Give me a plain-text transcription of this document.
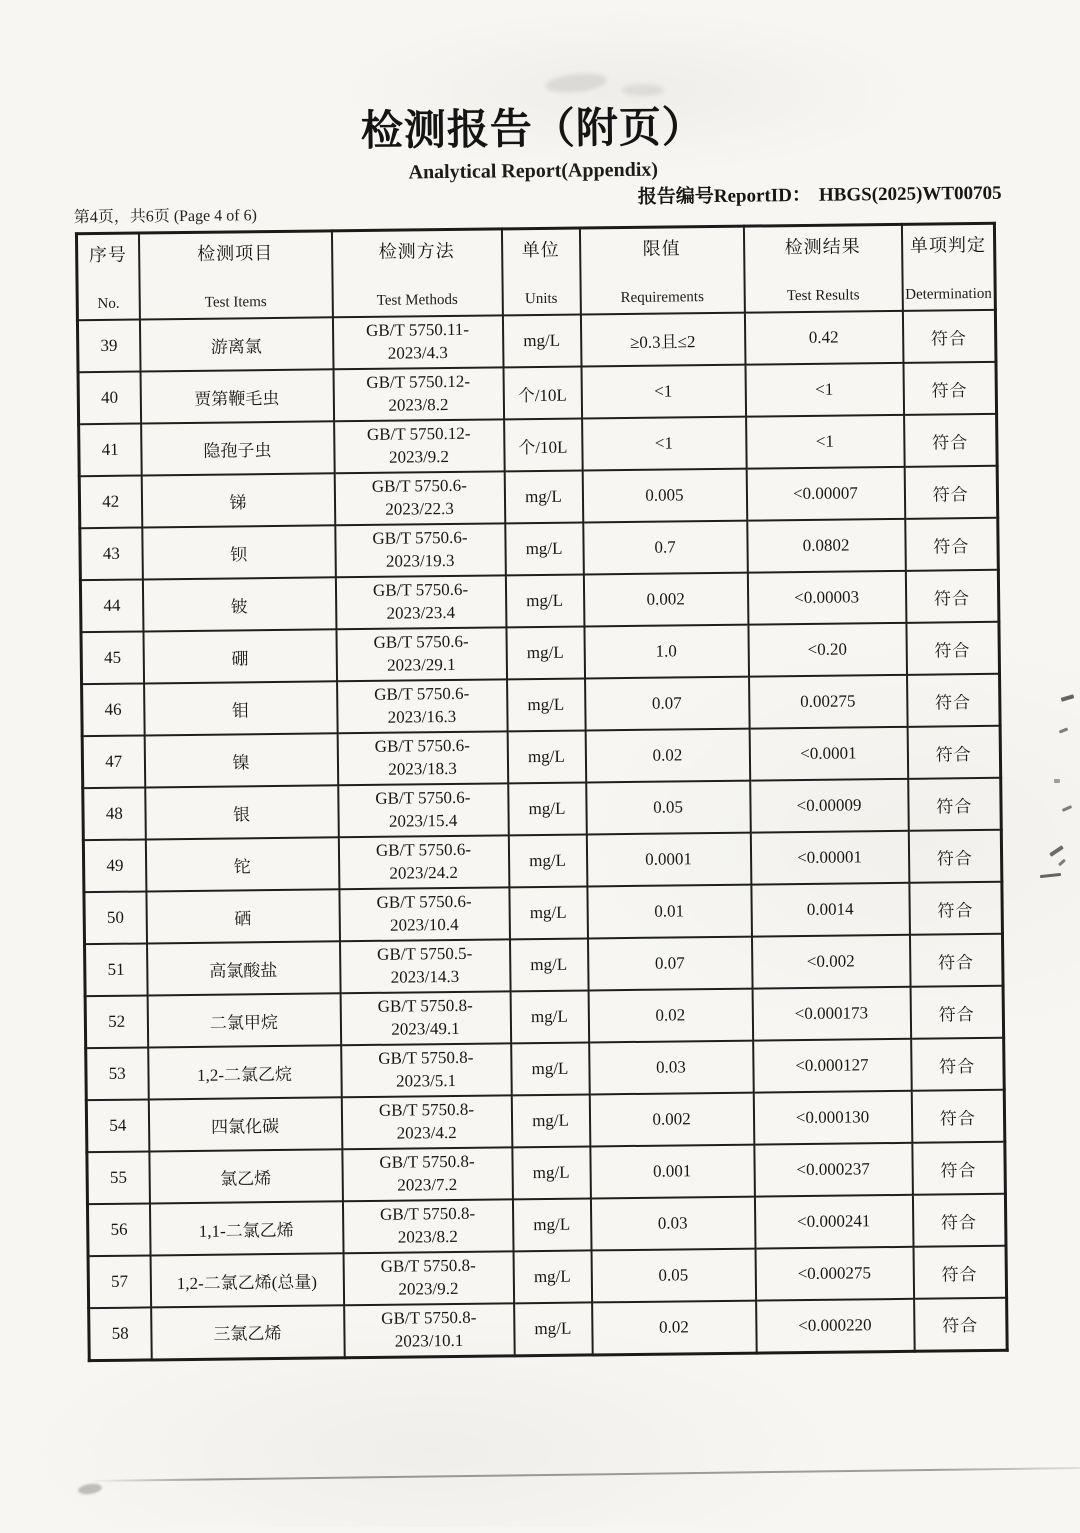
检测报告（附页）
Analytical Report(Appendix)
报告编号ReportID： HBGS(2025)WT00705
第4页，共6页 (Page 4 of 6)
序号
No.	检测项目
Test Items	检测方法
Test Methods	单位
Units	限值
Requirements	检测结果
Test Results	单项判定
Determination

39	游离氯	GB/T 5750.11-
2023/4.3	mg/L	≥0.3且≤2	0.42	符合
40	贾第鞭毛虫	GB/T 5750.12-
2023/8.2	个/10L	<1	<1	符合
41	隐孢子虫	GB/T 5750.12-
2023/9.2	个/10L	<1	<1	符合
42	锑	GB/T 5750.6-
2023/22.3	mg/L	0.005	<0.00007	符合
43	钡	GB/T 5750.6-
2023/19.3	mg/L	0.7	0.0802	符合
44	铍	GB/T 5750.6-
2023/23.4	mg/L	0.002	<0.00003	符合
45	硼	GB/T 5750.6-
2023/29.1	mg/L	1.0	<0.20	符合
46	钼	GB/T 5750.6-
2023/16.3	mg/L	0.07	0.00275	符合
47	镍	GB/T 5750.6-
2023/18.3	mg/L	0.02	<0.0001	符合
48	银	GB/T 5750.6-
2023/15.4	mg/L	0.05	<0.00009	符合
49	铊	GB/T 5750.6-
2023/24.2	mg/L	0.0001	<0.00001	符合
50	硒	GB/T 5750.6-
2023/10.4	mg/L	0.01	0.0014	符合
51	高氯酸盐	GB/T 5750.5-
2023/14.3	mg/L	0.07	<0.002	符合
52	二氯甲烷	GB/T 5750.8-
2023/49.1	mg/L	0.02	<0.000173	符合
53	1,2-二氯乙烷	GB/T 5750.8-
2023/5.1	mg/L	0.03	<0.000127	符合
54	四氯化碳	GB/T 5750.8-
2023/4.2	mg/L	0.002	<0.000130	符合
55	氯乙烯	GB/T 5750.8-
2023/7.2	mg/L	0.001	<0.000237	符合
56	1,1-二氯乙烯	GB/T 5750.8-
2023/8.2	mg/L	0.03	<0.000241	符合
57	1,2-二氯乙烯(总量)	GB/T 5750.8-
2023/9.2	mg/L	0.05	<0.000275	符合
58	三氯乙烯	GB/T 5750.8-
2023/10.1	mg/L	0.02	<0.000220	符合
